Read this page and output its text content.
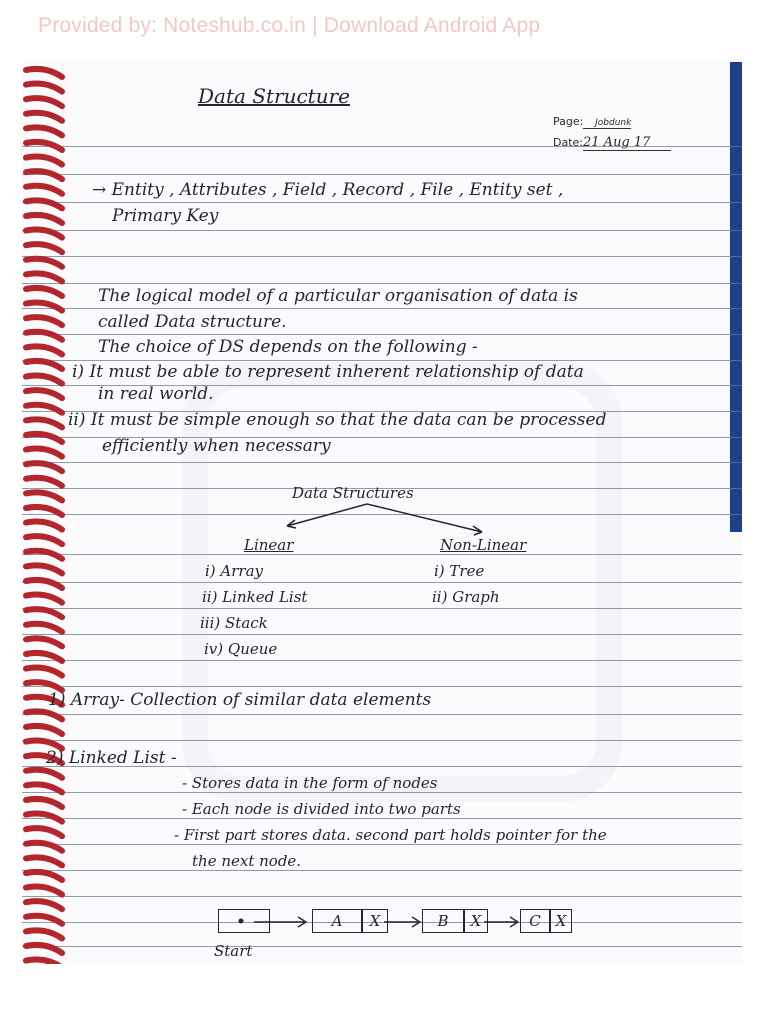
Provided by: Noteshub.co.in | Download Android App
Data Structure
Page: Jobdunk
Date:21 Aug 17
→ Entity , Attributes , Field , Record , File , Entity set ,
Primary Key
The logical model of a particular organisation of data is
called Data structure.
The choice of DS depends on the following -
i) It must be able to represent inherent relationship of data
in real world.
ii) It must be simple enough so that the data can be processed
efficiently when necessary
Data Structures
Linear	Non-Linear
i) Array
ii) Linked List
iii) Stack
iv) Queue
i) Tree
ii) Graph
1) Array- Collection of similar data elements
2) Linked List -
- Stores data in the form of nodes
- Each node is divided into two parts
- First part stores data. second part holds pointer for the
the next node.
A	X	B	X	C X
Start
